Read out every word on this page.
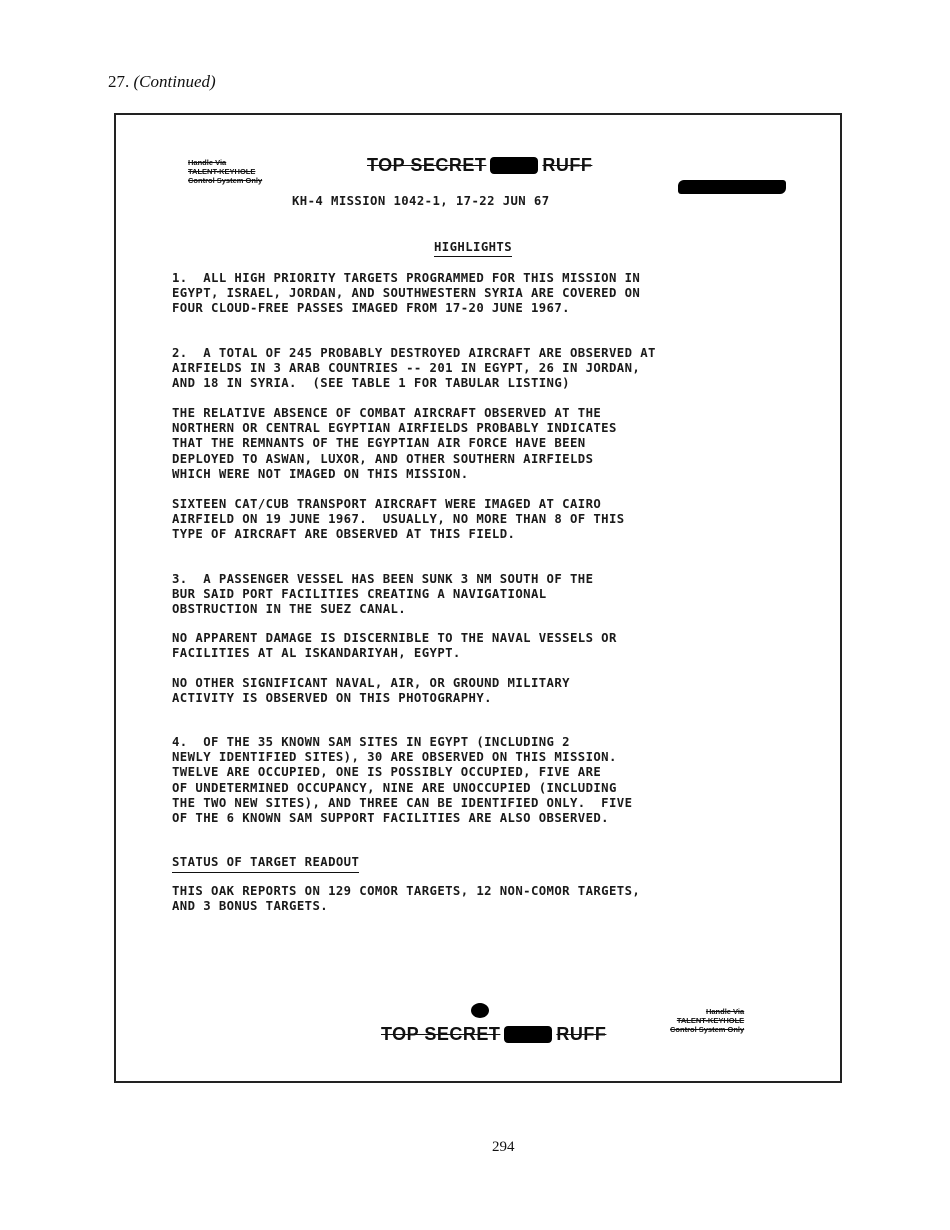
27. (Continued)
Handle Via
TALENT-KEYHOLE
Control System Only
TOP SECRET	RUFF
KH-4 MISSION 1042-1, 17-22 JUN 67
HIGHLIGHTS
1.  ALL HIGH PRIORITY TARGETS PROGRAMMED FOR THIS MISSION IN
EGYPT, ISRAEL, JORDAN, AND SOUTHWESTERN SYRIA ARE COVERED ON
FOUR CLOUD-FREE PASSES IMAGED FROM 17-20 JUNE 1967.
2.  A TOTAL OF 245 PROBABLY DESTROYED AIRCRAFT ARE OBSERVED AT
AIRFIELDS IN 3 ARAB COUNTRIES -- 201 IN EGYPT, 26 IN JORDAN,
AND 18 IN SYRIA.  (SEE TABLE 1 FOR TABULAR LISTING)
THE RELATIVE ABSENCE OF COMBAT AIRCRAFT OBSERVED AT THE
NORTHERN OR CENTRAL EGYPTIAN AIRFIELDS PROBABLY INDICATES
THAT THE REMNANTS OF THE EGYPTIAN AIR FORCE HAVE BEEN
DEPLOYED TO ASWAN, LUXOR, AND OTHER SOUTHERN AIRFIELDS
WHICH WERE NOT IMAGED ON THIS MISSION.
SIXTEEN CAT/CUB TRANSPORT AIRCRAFT WERE IMAGED AT CAIRO
AIRFIELD ON 19 JUNE 1967.  USUALLY, NO MORE THAN 8 OF THIS
TYPE OF AIRCRAFT ARE OBSERVED AT THIS FIELD.
3.  A PASSENGER VESSEL HAS BEEN SUNK 3 NM SOUTH OF THE
BUR SAID PORT FACILITIES CREATING A NAVIGATIONAL
OBSTRUCTION IN THE SUEZ CANAL.
NO APPARENT DAMAGE IS DISCERNIBLE TO THE NAVAL VESSELS OR
FACILITIES AT AL ISKANDARIYAH, EGYPT.
NO OTHER SIGNIFICANT NAVAL, AIR, OR GROUND MILITARY
ACTIVITY IS OBSERVED ON THIS PHOTOGRAPHY.
4.  OF THE 35 KNOWN SAM SITES IN EGYPT (INCLUDING 2
NEWLY IDENTIFIED SITES), 30 ARE OBSERVED ON THIS MISSION.
TWELVE ARE OCCUPIED, ONE IS POSSIBLY OCCUPIED, FIVE ARE
OF UNDETERMINED OCCUPANCY, NINE ARE UNOCCUPIED (INCLUDING
THE TWO NEW SITES), AND THREE CAN BE IDENTIFIED ONLY.  FIVE
OF THE 6 KNOWN SAM SUPPORT FACILITIES ARE ALSO OBSERVED.
STATUS OF TARGET READOUT
THIS OAK REPORTS ON 129 COMOR TARGETS, 12 NON-COMOR TARGETS,
AND 3 BONUS TARGETS.
TOP SECRET	RUFF
Handle Via
TALENT-KEYHOLE
Control System Only
294
